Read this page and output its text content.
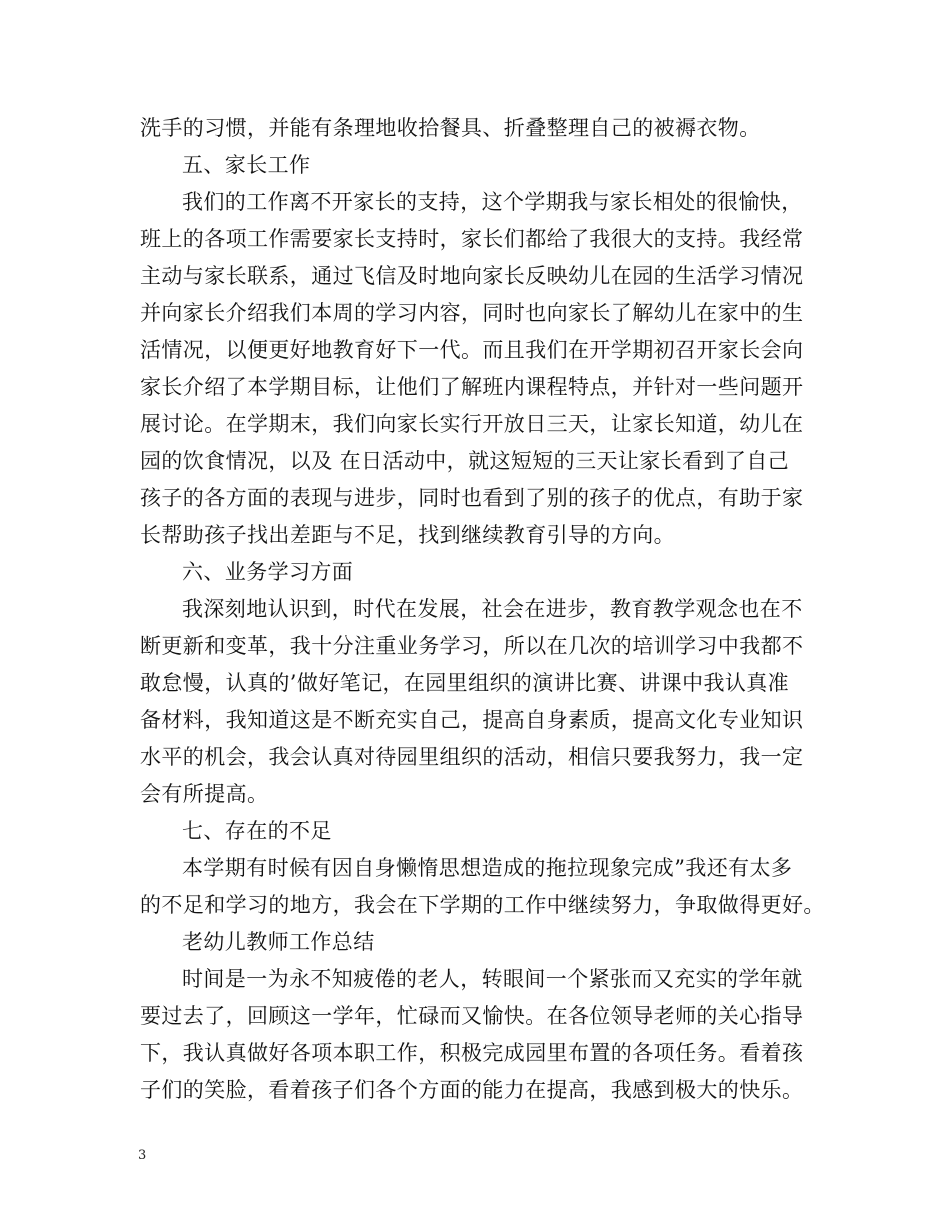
洗手的习惯，并能有条理地收拾餐具、折叠整理自己的被褥衣物。
五、家长工作
我们的工作离不开家长的支持，这个学期我与家长相处的很愉快，
班上的各项工作需要家长支持时，家长们都给了我很大的支持。我经常
主动与家长联系，通过飞信及时地向家长反映幼儿在园的生活学习情况
并向家长介绍我们本周的学习内容，同时也向家长了解幼儿在家中的生
活情况，以便更好地教育好下一代。而且我们在开学期初召开家长会向
家长介绍了本学期目标，让他们了解班内课程特点，并针对一些问题开
展讨论。在学期末，我们向家长实行开放日三天，让家长知道，幼儿在
园的饮食情况，以及 在日活动中，就这短短的三天让家长看到了自己
孩子的各方面的表现与进步，同时也看到了别的孩子的优点，有助于家
长帮助孩子找出差距与不足，找到继续教育引导的方向。
六、业务学习方面
我深刻地认识到，时代在发展，社会在进步，教育教学观念也在不
断更新和变革，我十分注重业务学习，所以在几次的培训学习中我都不
敢怠慢，认真的’做好笔记，在园里组织的演讲比赛、讲课中我认真准
备材料，我知道这是不断充实自己，提高自身素质，提高文化专业知识
水平的机会，我会认真对待园里组织的活动，相信只要我努力，我一定
会有所提高。
七、存在的不足
本学期有时候有因自身懒惰思想造成的拖拉现象完成”我还有太多
的不足和学习的地方，我会在下学期的工作中继续努力，争取做得更好。
老幼儿教师工作总结
时间是一为永不知疲倦的老人，转眼间一个紧张而又充实的学年就
要过去了，回顾这一学年，忙碌而又愉快。在各位领导老师的关心指导
下，我认真做好各项本职工作，积极完成园里布置的各项任务。看着孩
子们的笑脸，看着孩子们各个方面的能力在提高，我感到极大的快乐。
3
